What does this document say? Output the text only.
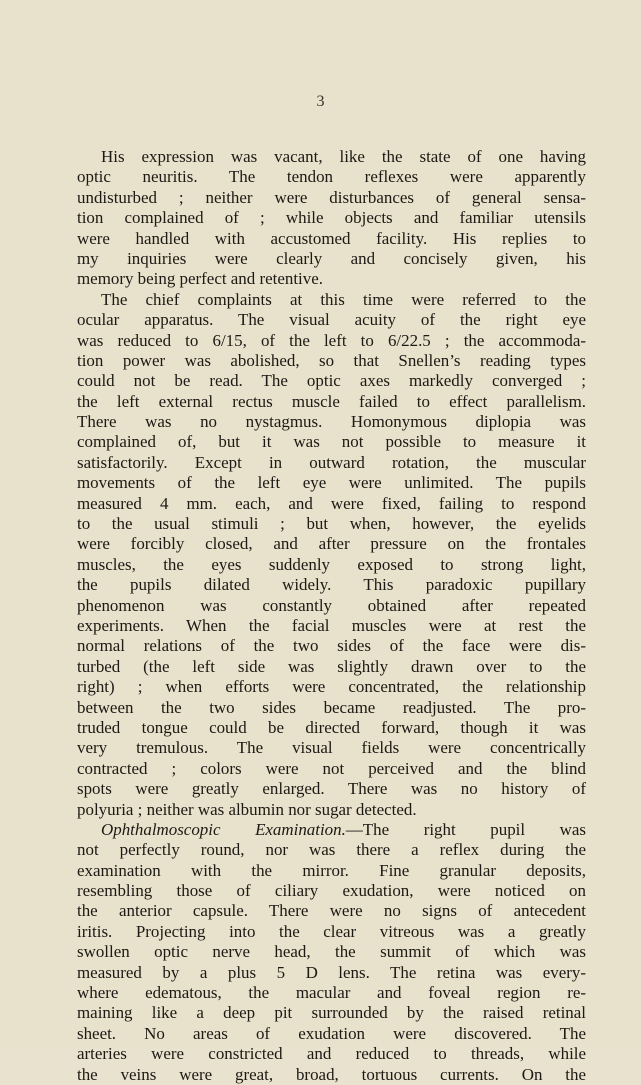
3
His expression was vacant, like the state of one having
optic neuritis. The tendon reflexes were apparently
undisturbed ; neither were disturbances of general sensa-
tion complained of ; while objects and familiar utensils
were handled with accustomed facility. His replies to
my inquiries were clearly and concisely given, his
memory being perfect and retentive.
The chief complaints at this time were referred to the
ocular apparatus. The visual acuity of the right eye
was reduced to 6/15, of the left to 6/22.5 ; the accommoda-
tion power was abolished, so that Snellen’s reading types
could not be read. The optic axes markedly converged ;
the left external rectus muscle failed to effect parallelism.
There was no nystagmus. Homonymous diplopia was
complained of, but it was not possible to measure it
satisfactorily. Except in outward rotation, the muscular
movements of the left eye were unlimited. The pupils
measured 4 mm. each, and were fixed, failing to respond
to the usual stimuli ; but when, however, the eyelids
were forcibly closed, and after pressure on the frontales
muscles, the eyes suddenly exposed to strong light,
the pupils dilated widely. This paradoxic pupillary
phenomenon was constantly obtained after repeated
experiments. When the facial muscles were at rest the
normal relations of the two sides of the face were dis-
turbed (the left side was slightly drawn over to the
right) ; when efforts were concentrated, the relationship
between the two sides became readjusted. The pro-
truded tongue could be directed forward, though it was
very tremulous. The visual fields were concentrically
contracted ; colors were not perceived and the blind
spots were greatly enlarged. There was no history of
polyuria ; neither was albumin nor sugar detected.
Ophthalmoscopic Examination.—The right pupil was
not perfectly round, nor was there a reflex during the
examination with the mirror. Fine granular deposits,
resembling those of ciliary exudation, were noticed on
the anterior capsule. There were no signs of antecedent
iritis. Projecting into the clear vitreous was a greatly
swollen optic nerve head, the summit of which was
measured by a plus 5 D lens. The retina was every-
where edematous, the macular and foveal region re-
maining like a deep pit surrounded by the raised retinal
sheet. No areas of exudation were discovered. The
arteries were constricted and reduced to threads, while
the veins were great, broad, tortuous currents. On the
